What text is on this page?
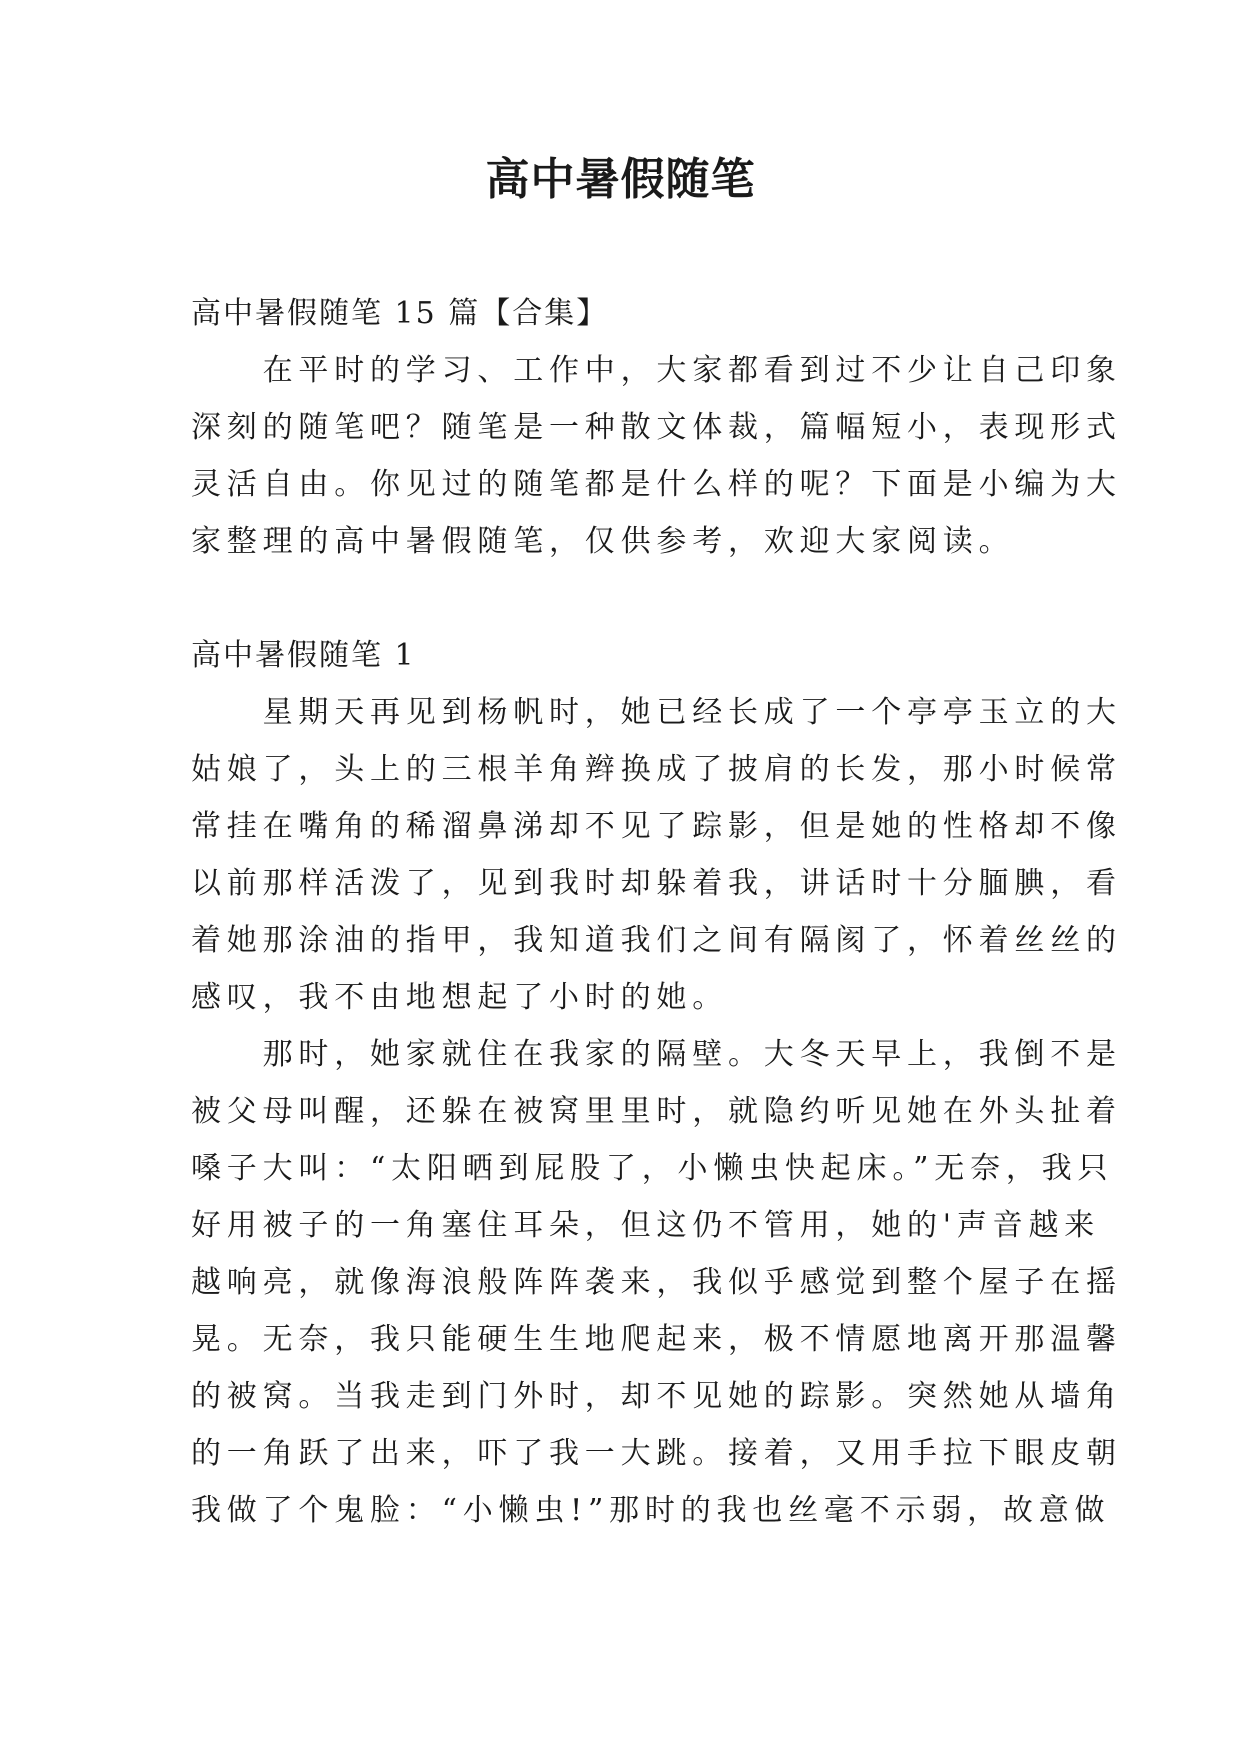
高中暑假随笔
高中暑假随笔 15 篇【合集】
　　在平时的学习、工作中，大家都看到过不少让自己印象
深刻的随笔吧？随笔是一种散文体裁，篇幅短小，表现形式
灵活自由。你见过的随笔都是什么样的呢？下面是小编为大
家整理的高中暑假随笔，仅供参考，欢迎大家阅读。
高中暑假随笔 1
　　星期天再见到杨帆时，她已经长成了一个亭亭玉立的大
姑娘了，头上的三根羊角辫换成了披肩的长发，那小时候常
常挂在嘴角的稀溜鼻涕却不见了踪影，但是她的性格却不像
以前那样活泼了，见到我时却躲着我，讲话时十分腼腆，看
着她那涂油的指甲，我知道我们之间有隔阂了，怀着丝丝的
感叹，我不由地想起了小时的她。
　　那时，她家就住在我家的隔壁。大冬天早上，我倒不是
被父母叫醒，还躲在被窝里里时，就隐约听见她在外头扯着
嗓子大叫：“太阳晒到屁股了，小懒虫快起床。”无奈，我只
好用被子的一角塞住耳朵，但这仍不管用，她的'声音越来
越响亮，就像海浪般阵阵袭来，我似乎感觉到整个屋子在摇
晃。无奈，我只能硬生生地爬起来，极不情愿地离开那温馨
的被窝。当我走到门外时，却不见她的踪影。突然她从墙角
的一角跃了出来，吓了我一大跳。接着，又用手拉下眼皮朝
我做了个鬼脸：“小懒虫!”那时的我也丝毫不示弱，故意做
